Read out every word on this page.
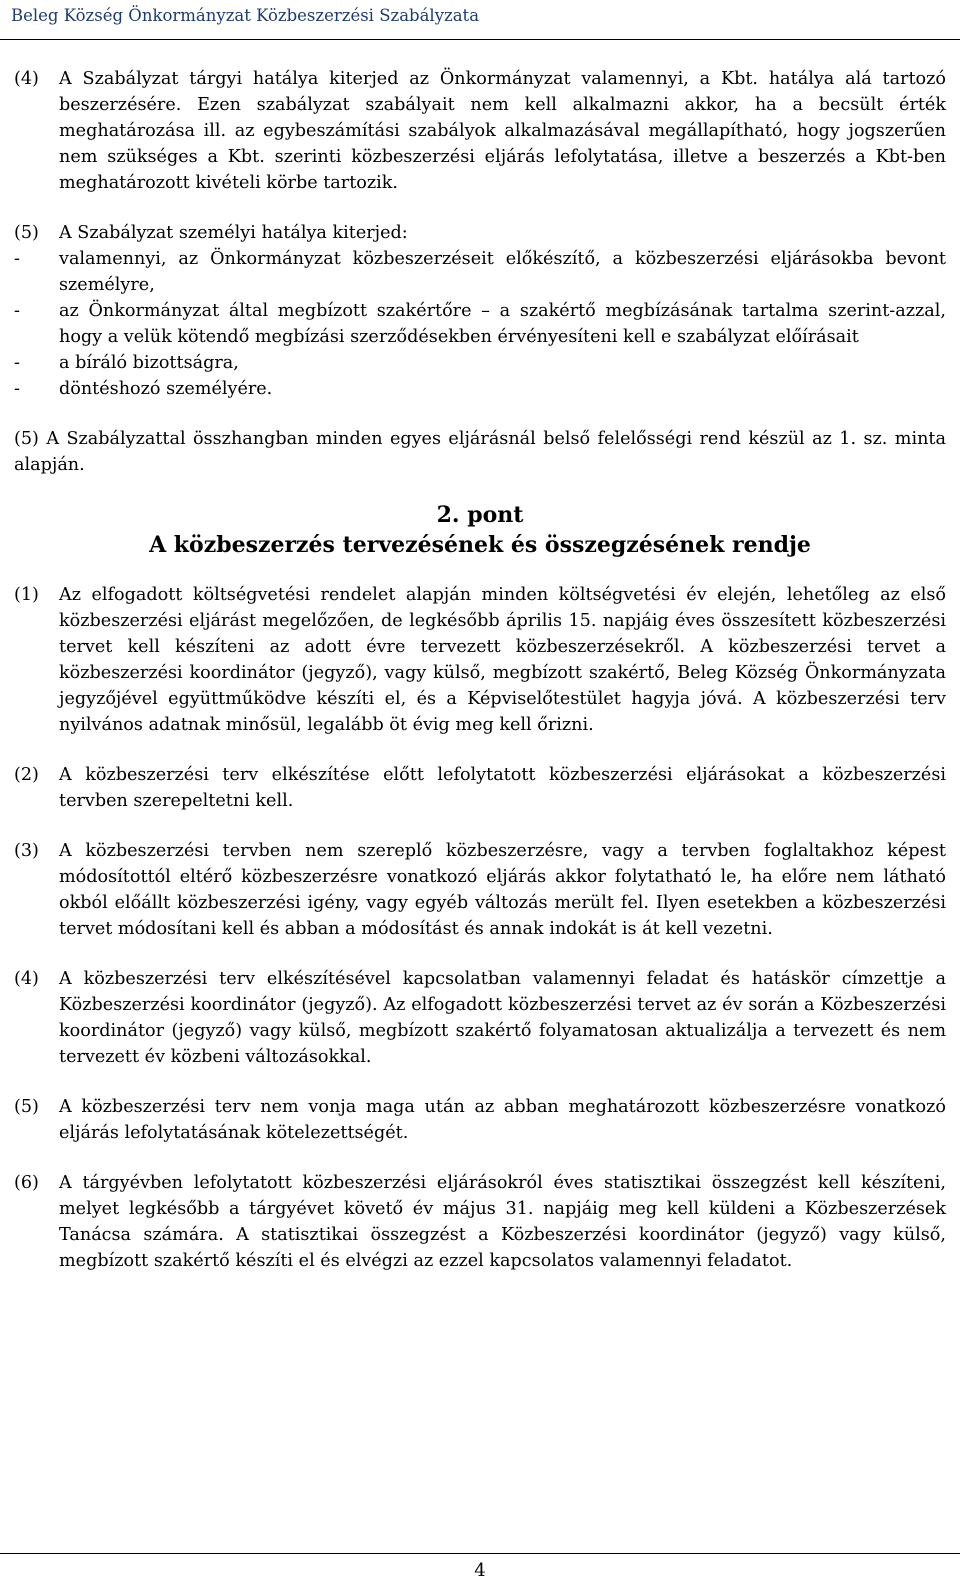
Beleg Község Önkormányzat Közbeszerzési Szabályzata
(4)	A Szabályzat tárgyi hatálya kiterjed az Önkormányzat valamennyi, a Kbt. hatálya alá tartozó beszerzésére. Ezen szabályzat szabályait nem kell alkalmazni akkor, ha a becsült érték meghatározása ill. az egybeszámítási szabályok alkalmazásával megállapítható, hogy jogszerűen nem szükséges a Kbt. szerinti közbeszerzési eljárás lefolytatása, illetve a beszerzés a Kbt-ben meghatározott kivételi körbe tartozik.
(5)	A Szabályzat személyi hatálya kiterjed:
-	valamennyi, az Önkormányzat közbeszerzéseit előkészítő, a közbeszerzési eljárásokba bevont személyre,
-	az Önkormányzat által megbízott szakértőre – a szakértő megbízásának tartalma szerint-azzal, hogy a velük kötendő megbízási szerződésekben érvényesíteni kell e szabályzat előírásait
-	a bíráló bizottságra,
-	döntéshozó személyére.
(5) A Szabályzattal összhangban minden egyes eljárásnál belső felelősségi rend készül az 1. sz. minta alapján.
2. pont
A közbeszerzés tervezésének és összegzésének rendje
(1)	Az elfogadott költségvetési rendelet alapján minden költségvetési év elején, lehetőleg az első közbeszerzési eljárást megelőzően, de legkésőbb április 15. napjáig éves összesített közbeszerzési tervet kell készíteni az adott évre tervezett közbeszerzésekről. A közbeszerzési tervet a közbeszerzési koordinátor (jegyző), vagy külső, megbízott szakértő, Beleg Község Önkormányzata jegyzőjével együttműködve készíti el, és a Képviselőtestület hagyja jóvá. A közbeszerzési terv nyilvános adatnak minősül, legalább öt évig meg kell őrizni.
(2)	A közbeszerzési terv elkészítése előtt lefolytatott közbeszerzési eljárásokat a közbeszerzési tervben szerepeltetni kell.
(3)	A közbeszerzési tervben nem szereplő közbeszerzésre, vagy a tervben foglaltakhoz képest módosítottól eltérő közbeszerzésre vonatkozó eljárás akkor folytatható le, ha előre nem látható okból előállt közbeszerzési igény, vagy egyéb változás merült fel. Ilyen esetekben a közbeszerzési tervet módosítani kell és abban a módosítást és annak indokát is át kell vezetni.
(4)	A közbeszerzési terv elkészítésével kapcsolatban valamennyi feladat és hatáskör címzettje a Közbeszerzési koordinátor (jegyző). Az elfogadott közbeszerzési tervet az év során a Közbeszerzési koordinátor (jegyző) vagy külső, megbízott szakértő folyamatosan aktualizálja a tervezett és nem tervezett év közbeni változásokkal.
(5)	A közbeszerzési terv nem vonja maga után az abban meghatározott közbeszerzésre vonatkozó eljárás lefolytatásának kötelezettségét.
(6)	A tárgyévben lefolytatott közbeszerzési eljárásokról éves statisztikai összegzést kell készíteni, melyet legkésőbb a tárgyévet követő év május 31. napjáig meg kell küldeni a Közbeszerzések Tanácsa számára. A statisztikai összegzést a Közbeszerzési koordinátor (jegyző) vagy külső, megbízott szakértő készíti el és elvégzi az ezzel kapcsolatos valamennyi feladatot.
4
